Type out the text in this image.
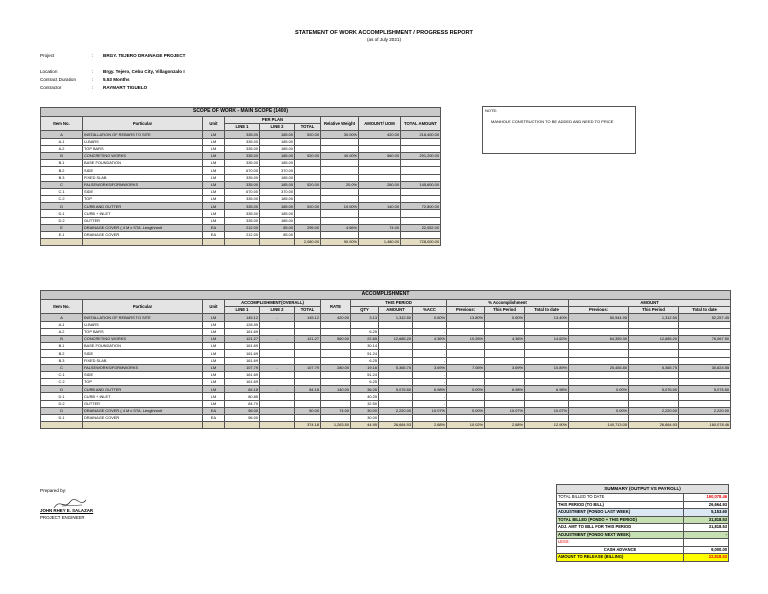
STATEMENT OF WORK ACCOMPLISHMENT / PROGRESS REPORT
(as of July 2021)
Project	: BRGY. TEJERO DRAINAGE PROJECT
Location	: Brgy. Tejero, Cebu City, Villagonzalo I
Contract Duration	: 5.53 Months
Contractor	: RAYMART TIGUELO
SCOPE OF WORK - MAIN SCOPE (1400)								
Item No.	Particular	Unit	PER PLAN			Relative Weight	AMOUNT/ UOM	TOTAL AMOUNT
			LINE 1	LINE 2	TOTAL			
A	INSTALLATION OF REBARS TO SITE	LM	335.00	185.00	520.00	30.00%	420.00	218,400.00
A.1	U-BARS	LM	335.00	185.00				
A.2	TOP BARS	LM	335.00	185.00				
B	CONCRETING WORKS	LM	335.00	185.00	520.00	40.00%	560.00	291,200.00
B.1	BASE FOUNDATION	LM	335.00	185.00				
B.2	SIDE	LM	670.00	370.00				
B.3	FIXED SLAB	LM	335.00	185.00				
C	FALSEWORKS/FORMWORKS	LM	335.00	185.00	520.00	20.0%	280.00	145,600.00
C.1	SIDE	LM	670.00	370.00				
C.2	TOP	LM	335.00	185.00				
D	CURB AND GUTTER	LM	335.00	185.00	520.00	10.00%	140.00	72,800.00
D.1	CURB + INLET	LM	335.00	185.00				
D.2	GUTTER	LM	335.00	185.00				
E	DRAINAGE COVER ( 4 M x STA. Length/unit	EA	212.00	85.00	295.00	4.66%	74.00	22,052.00
E.1	DRAINAGE COVER	EA	212.00	85.00				
					2,080.00	90.00%	1,480.00	728,000.00
NOTE:
MANHOLE CONSTRUCTION TO BE ADDED AND NEED TO PRICE
ACCOMPLISHMENT															
Item No.	Particular	Unit	ACCOMPLISHMENT(OVERALL)			RATE	THIS PERIOD			% Accomplishment			AMOUNT		
			LINE 1	LINE 2	TOTAL		QTY	AMOUNT	%ACC	Previous:	This Period	Total to date	Previous:	This Period	Total to date
A	INSTALLATION OF REBARS TO SITE	LM	145.12	-	145.12	420.00	3.13	1,312.50	0.60%	13.80%	0.60%	13.40%	50,944.95	1,312.50	52,257.45
A.1	U-BARS	LM	128.55												
A.2	TOP BARS	LM	161.69				6.25		-						
B	CONCRETING WORKS	LM	121.27	-	121.27	560.00	22.65	12,685.20	4.36%	10.26%	4.36%	14.62%	64,359.30	12,685.20	76,067.50
B.1	BASE FOUNDATION	LM	161.69				30.14		-						
B.2	SIDE	LM	161.69				51.24		-						
B.3	FIXED SLAB	LM	161.69				6.25		-						
C	FALSEWORKS/FORMWORKS	LM	107.79	-	107.79	280.00	19.16	5,365.75	3.69%	7.06%	3.69%	10.89%	25,455.80	5,365.75	30,824.55
C.1	SIDE	LM	161.69				51.24		-						
C.2	TOP	LM	161.69				6.25		-						
D	CURB AND GUTTER	LM	84.18	-	84.18	140.00	36.26	5,076.50	6.98%	0.00%	6.98%	6.98%	0.00%	5,076.50	5,076.50
D.1	CURB + INLET	LM	80.85				40.25		-						
D.2	GUTTER	LM	84.70				32.50		-						
D	DRAINAGE COVER ( 4 M x STA. Length/unit	EA	56.00		50.00	74.00	30.00	2,220.00	10.07%	0.00%	10.07%	10.07%	0.00%	2,220.00	2,220.00
D.1	DRAINAGE COVER	EA	56.00				30.00								
					374.18	1,263.50	44.95	26,664.93	2.88%	10.02%	2.88%	12.90%	140,713.05	26,664.93	160,078.46
Prepared by:
JOHN RHEY E. SALAZAR
PROJECT ENGINEER
SUMMARY (OUTPUT VS PAYROLL)	
TOTAL BILLED TO DATE	160,078.46
THIS PERIOD (TO BILL)	26,664.93
ADJUSTMENT (PONDO LAST WEEK)	5,153.60
TOTAL BILLED (PONDO + THIS PERIOD)	31,818.53
ADJ. AMT TO BILL FOR THIS PERIOD	31,818.53
ADJUSTMENT (PONDO NEXT WEEK)	-
LESS:	
CASH ADVANCE	9,000.00
AMOUNT TO RELEASE (BILLING)	22,818.53
